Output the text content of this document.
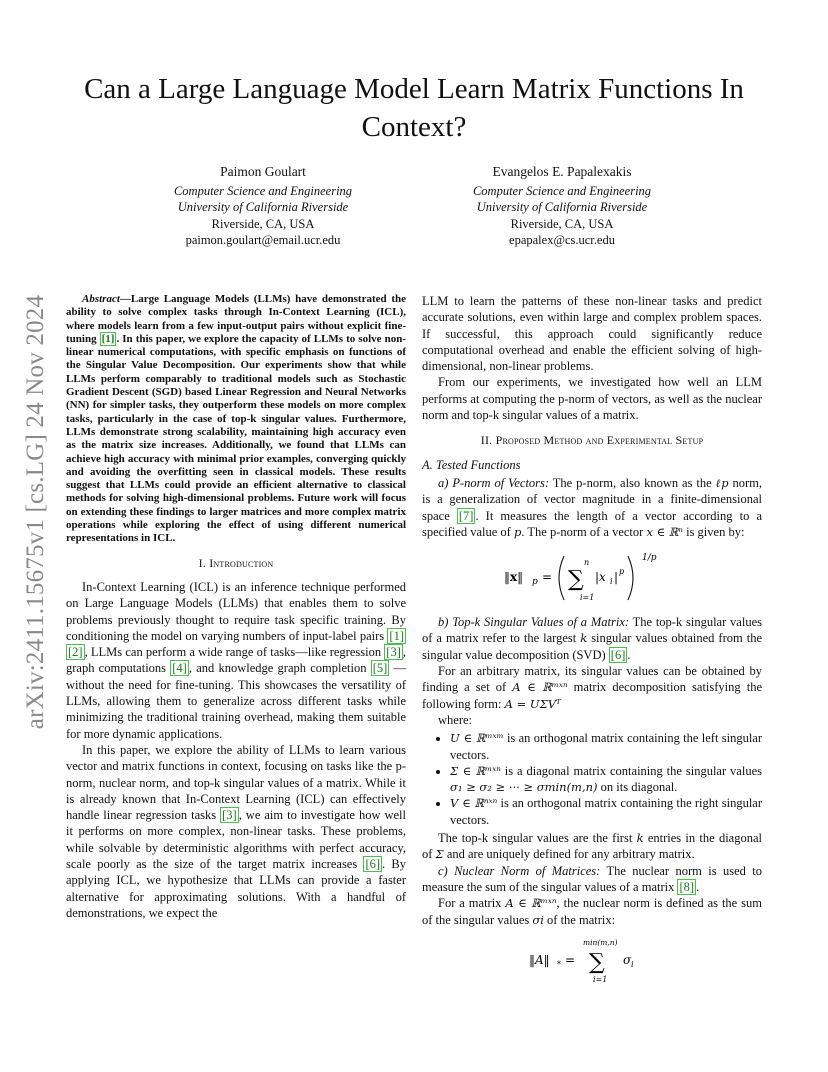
arXiv:2411.15675v1 [cs.LG] 24 Nov 2024
Can a Large Language Model Learn Matrix Functions In Context?
Paimon Goulart
Computer Science and Engineering
University of California Riverside
Riverside, CA, USA
paimon.goulart@email.ucr.edu
Evangelos E. Papalexakis
Computer Science and Engineering
University of California Riverside
Riverside, CA, USA
epapalex@cs.ucr.edu

Abstract—Large Language Models (LLMs) have demonstrated the ability to solve complex tasks through In-Context Learning (ICL), where models learn from a few input-output pairs without explicit fine-tuning [1] . In this paper, we explore the capacity of LLMs to solve non-linear numerical computations, with specific emphasis on functions of the Singular Value Decomposition. Our experiments show that while LLMs perform comparably to traditional models such as Stochastic Gradient Descent (SGD) based Linear Regression and Neural Networks (NN) for simpler tasks, they outperform these models on more complex tasks, particularly in the case of top-k singular values. Furthermore, LLMs demonstrate strong scalability, maintaining high accuracy even as the matrix size increases. Additionally, we found that LLMs can achieve high accuracy with minimal prior examples, converging quickly and avoiding the overfitting seen in classical models. These results suggest that LLMs could provide an efficient alternative to classical methods for solving high-dimensional problems. Future work will focus on extending these findings to larger matrices and more complex matrix operations while exploring the effect of using different numerical representations in ICL.

I. Introduction

In-Context Learning (ICL) is an inference technique performed on Large Language Models (LLMs) that enables them to solve problems previously thought to require task specific training. By conditioning the model on varying numbers of input-label pairs [1] [2] , LLMs can perform a wide range of tasks—like regression [3] , graph computations [4] , and knowledge graph completion [5] —without the need for fine-tuning. This showcases the versatility of LLMs, allowing them to generalize across different tasks while minimizing the traditional training overhead, making them suitable for more dynamic applications.

In this paper, we explore the ability of LLMs to learn various vector and matrix functions in context, focusing on tasks like the p-norm, nuclear norm, and top-k singular values of a matrix. While it is already known that In-Context Learning (ICL) can effectively handle linear regression tasks [3] , we aim to investigate how well it performs on more complex, non-linear tasks. These problems, while solvable by deterministic algorithms with perfect accuracy, scale poorly as the size of the target matrix increases [6] . By applying ICL, we hypothesize that LLMs can provide a faster alternative for approximating solutions. With a handful of demonstrations, we expect the

LLM to learn the patterns of these non-linear tasks and predict accurate solutions, even within large and complex problem spaces. If successful, this approach could significantly reduce computational overhead and enable the efficient solving of high-dimensional, non-linear problems.

From our experiments, we investigated how well an LLM performs at computing the p-norm of vectors, as well as the nuclear norm and top-k singular values of a matrix.

II. Proposed Method and Experimental Setup

A. Tested Functions

a) P-norm of Vectors: The p-norm, also known as the ℓp norm, is a generalization of vector magnitude in a finite-dimensional space [7] . It measures the length of a vector according to a specified value of p. The p-norm of a vector x ∈ ℝⁿ is given by:

‖x‖ p =
n
∑
i=1
|x i | p
1/p

b) Top-k Singular Values of a Matrix: The top-k singular values of a matrix refer to the largest k singular values obtained from the singular value decomposition (SVD) [6] .

For an arbitrary matrix, its singular values can be obtained by finding a set of A ∈ ℝᵐˣⁿ matrix decomposition satisfying the following form: A = UΣVᵀ

where:

• U ∈ ℝᵐˣᵐ is an orthogonal matrix containing the left singular vectors.
• Σ ∈ ℝᵐˣⁿ is a diagonal matrix containing the singular values σ₁ ≥ σ₂ ≥ ··· ≥ σmin(m,n) on its diagonal.
• V ∈ ℝⁿˣⁿ is an orthogonal matrix containing the right singular vectors.

The top-k singular values are the first k entries in the diagonal of Σ and are uniquely defined for any arbitrary matrix.

c) Nuclear Norm of Matrices: The nuclear norm is used to measure the sum of the singular values of a matrix [8] .

For a matrix A ∈ ℝᵐˣⁿ, the nuclear norm is defined as the sum of the singular values σi of the matrix:

‖A‖ * =
min(m,n)
∑
i=1
σ i
